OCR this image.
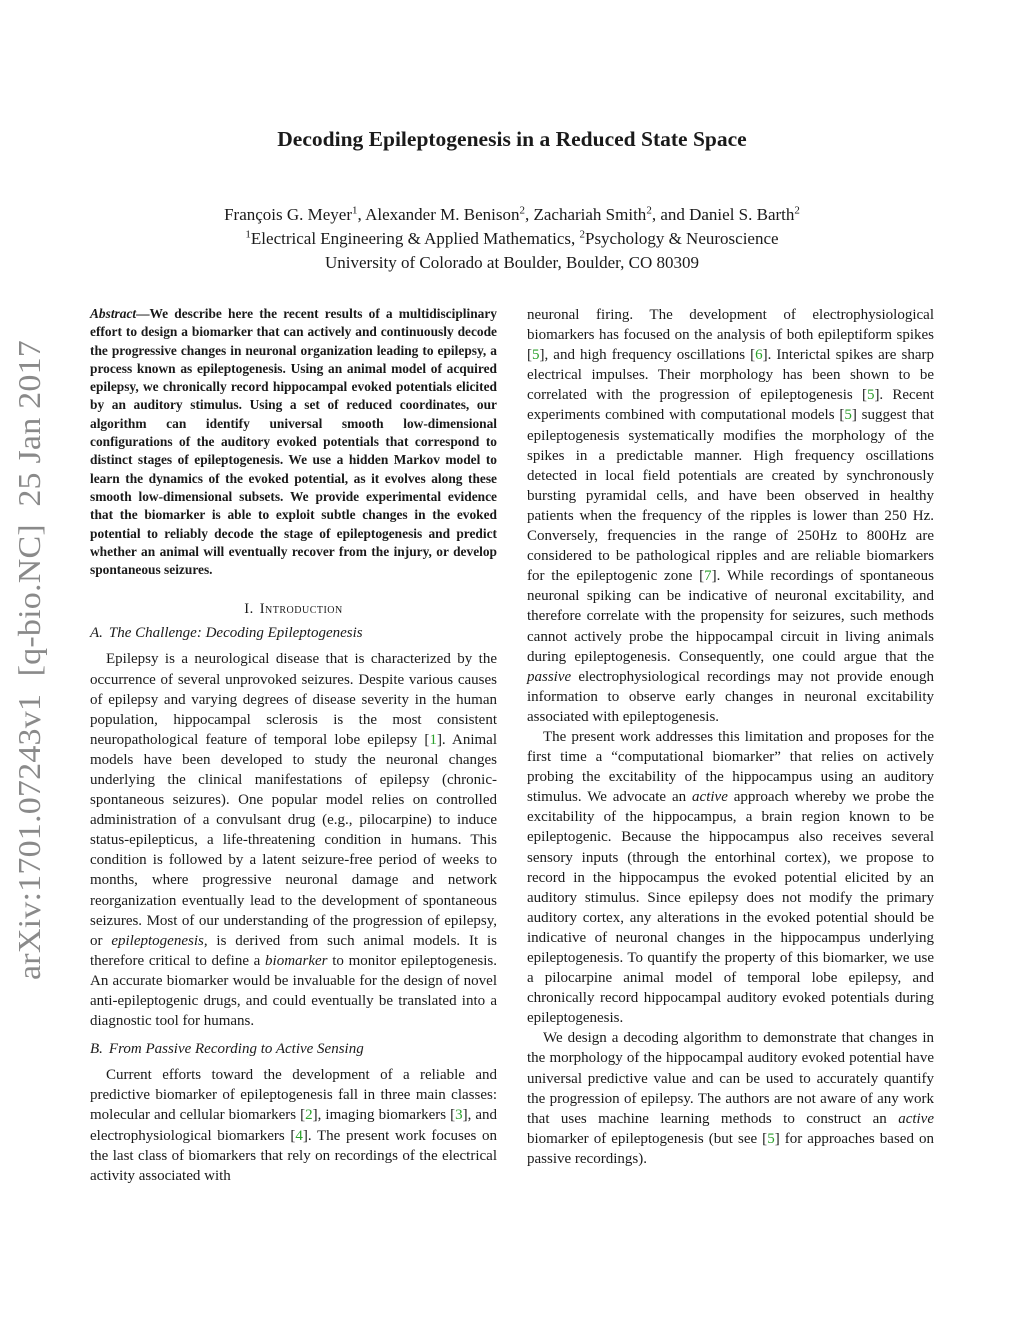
arXiv:1701.07243v1  [q-bio.NC]  25 Jan 2017
Decoding Epileptogenesis in a Reduced State Space
François G. Meyer$^1$, Alexander M. Benison$^2$, Zachariah Smith$^2$, and Daniel S. Barth$^2$
$^1$Electrical Engineering & Applied Mathematics, $^2$Psychology & Neuroscience
University of Colorado at Boulder, Boulder, CO 80309

Abstract—We describe here the recent results of a multidisciplinary effort to design a biomarker that can actively and continuously decode the progressive changes in neuronal organization leading to epilepsy, a process known as epileptogenesis. Using an animal model of acquired epilepsy, we chronically record hippocampal evoked potentials elicited by an auditory stimulus. Using a set of reduced coordinates, our algorithm can identify universal smooth low-dimensional configurations of the auditory evoked potentials that correspond to distinct stages of epileptogenesis. We use a hidden Markov model to learn the dynamics of the evoked potential, as it evolves along these smooth low-dimensional subsets. We provide experimental evidence that the biomarker is able to exploit subtle changes in the evoked potential to reliably decode the stage of epileptogenesis and predict whether an animal will eventually recover from the injury, or develop spontaneous seizures.

I. Introduction
A. The Challenge: Decoding Epileptogenesis

Epilepsy is a neurological disease that is characterized by the occurrence of several unprovoked seizures. Despite various causes of epilepsy and varying degrees of disease severity in the human population, hippocampal sclerosis is the most consistent neuropathological feature of temporal lobe epilepsy [1]. Animal models have been developed to study the neuronal changes underlying the clinical manifestations of epilepsy (chronic-spontaneous seizures). One popular model relies on controlled administration of a convulsant drug (e.g., pilocarpine) to induce status-epilepticus, a life-threatening condition in humans. This condition is followed by a latent seizure-free period of weeks to months, where progressive neuronal damage and network reorganization eventually lead to the development of spontaneous seizures. Most of our understanding of the progression of epilepsy, or epileptogenesis, is derived from such animal models. It is therefore critical to define a biomarker to monitor epileptogenesis. An accurate biomarker would be invaluable for the design of novel anti-epileptogenic drugs, and could eventually be translated into a diagnostic tool for humans.

B. From Passive Recording to Active Sensing

Current efforts toward the development of a reliable and predictive biomarker of epileptogenesis fall in three main classes: molecular and cellular biomarkers [2], imaging biomarkers [3], and electrophysiological biomarkers [4]. The present work focuses on the last class of biomarkers that rely on recordings of the electrical activity associated with

neuronal firing. The development of electrophysiological biomarkers has focused on the analysis of both epileptiform spikes [5], and high frequency oscillations [6]. Interictal spikes are sharp electrical impulses. Their morphology has been shown to be correlated with the progression of epileptogenesis [5]. Recent experiments combined with computational models [5] suggest that epileptogenesis systematically modifies the morphology of the spikes in a predictable manner. High frequency oscillations detected in local field potentials are created by synchronously bursting pyramidal cells, and have been observed in healthy patients when the frequency of the ripples is lower than 250 Hz. Conversely, frequencies in the range of 250Hz to 800Hz are considered to be pathological ripples and are reliable biomarkers for the epileptogenic zone [7]. While recordings of spontaneous neuronal spiking can be indicative of neuronal excitability, and therefore correlate with the propensity for seizures, such methods cannot actively probe the hippocampal circuit in living animals during epileptogenesis. Consequently, one could argue that the passive electrophysiological recordings may not provide enough information to observe early changes in neuronal excitability associated with epileptogenesis.

The present work addresses this limitation and proposes for the first time a “computational biomarker” that relies on actively probing the excitability of the hippocampus using an auditory stimulus. We advocate an active approach whereby we probe the excitability of the hippocampus, a brain region known to be epileptogenic. Because the hippocampus also receives several sensory inputs (through the entorhinal cortex), we propose to record in the hippocampus the evoked potential elicited by an auditory stimulus. Since epilepsy does not modify the primary auditory cortex, any alterations in the evoked potential should be indicative of neuronal changes in the hippocampus underlying epileptogenesis. To quantify the property of this biomarker, we use a pilocarpine animal model of temporal lobe epilepsy, and chronically record hippocampal auditory evoked potentials during epileptogenesis.

We design a decoding algorithm to demonstrate that changes in the morphology of the hippocampal auditory evoked potential have universal predictive value and can be used to accurately quantify the progression of epilepsy. The authors are not aware of any work that uses machine learning methods to construct an active biomarker of epileptogenesis (but see [5] for approaches based on passive recordings).
